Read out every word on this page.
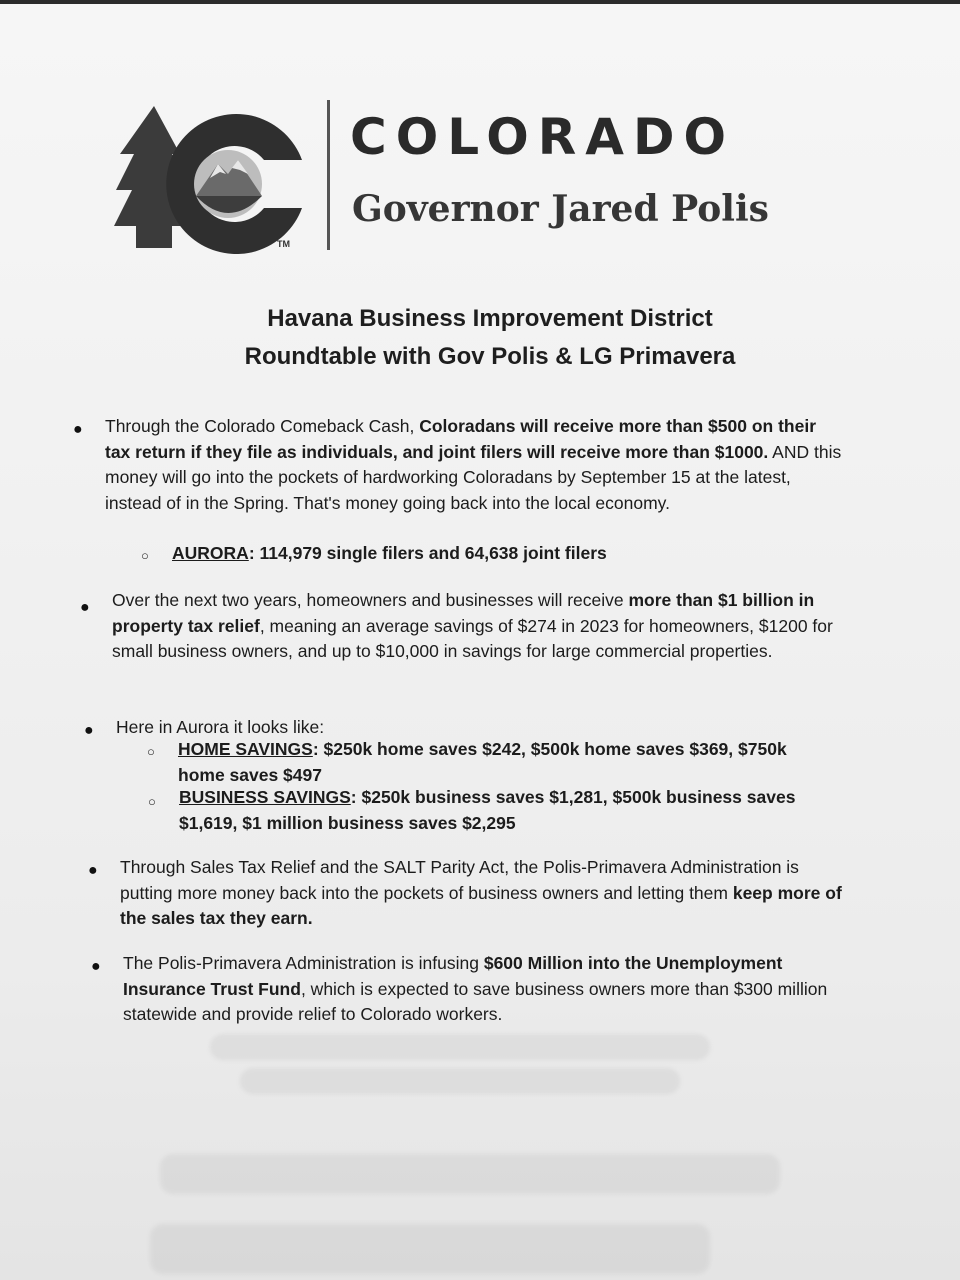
COLORADO
Governor Jared Polis
TM
Havana Business Improvement District
Roundtable with Gov Polis & LG Primavera
● Through the Colorado Comeback Cash, Coloradans will receive more than $500 on their tax return if they file as individuals, and joint filers will receive more than $1000. AND this money will go into the pockets of hardworking Coloradans by September 15 at the latest, instead of in the Spring. That's money going back into the local economy.
○ AURORA: 114,979 single filers and 64,638 joint filers
● Over the next two years, homeowners and businesses will receive more than $1 billion in property tax relief, meaning an average savings of $274 in 2023 for homeowners, $1200 for small business owners, and up to $10,000 in savings for large commercial properties.
● Here in Aurora it looks like:
○ HOME SAVINGS: $250k home saves $242, $500k home saves $369, $750k home saves $497
○ BUSINESS SAVINGS: $250k business saves $1,281, $500k business saves $1,619, $1 million business saves $2,295
● Through Sales Tax Relief and the SALT Parity Act, the Polis-Primavera Administration is putting more money back into the pockets of business owners and letting them keep more of the sales tax they earn.
● The Polis-Primavera Administration is infusing $600 Million into the Unemployment Insurance Trust Fund, which is expected to save business owners more than $300 million statewide and provide relief to Colorado workers.
